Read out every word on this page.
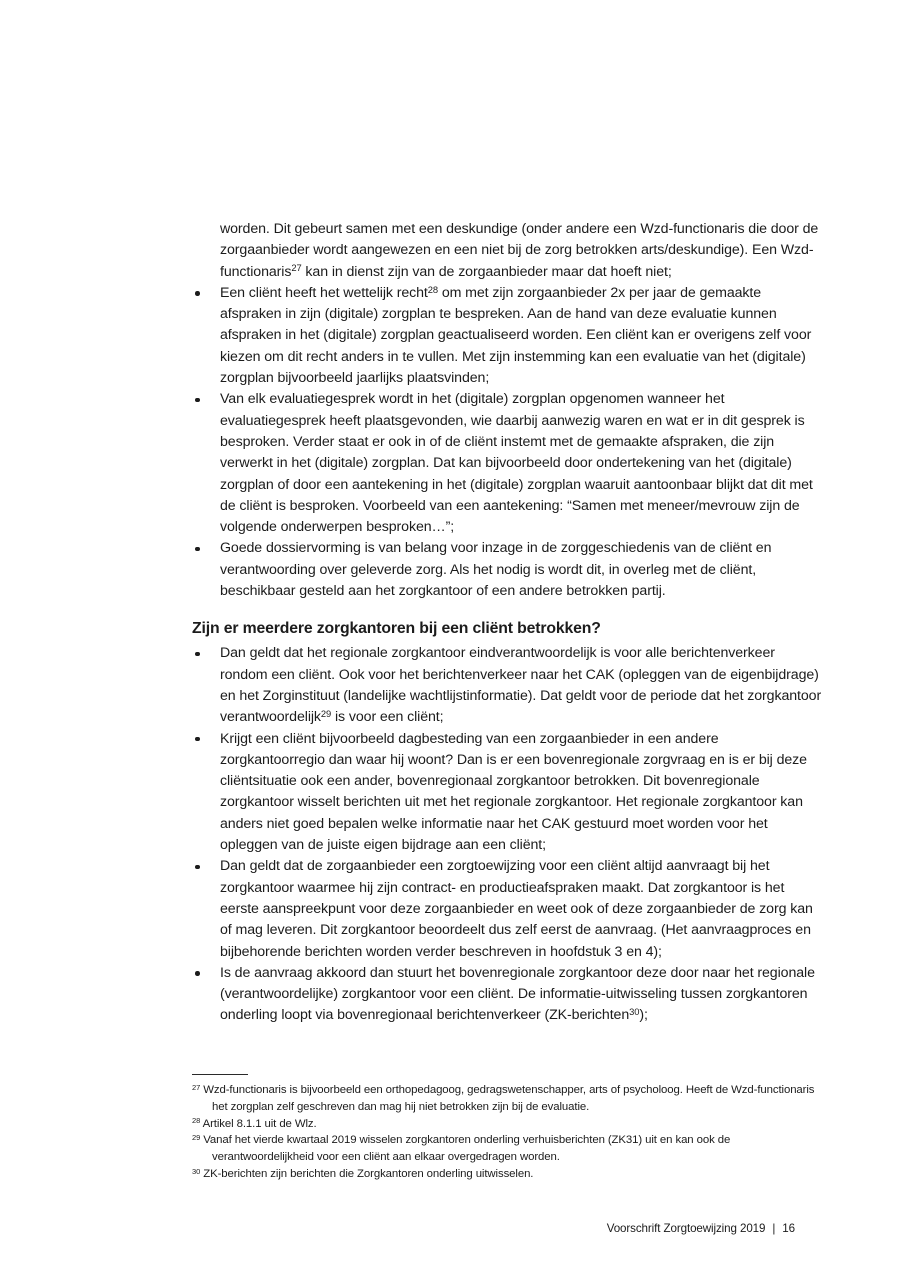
worden. Dit gebeurt samen met een deskundige (onder andere een Wzd-functionaris die door de zorgaanbieder wordt aangewezen en een niet bij de zorg betrokken arts/deskundige). Een Wzd-functionaris$^{27}$ kan in dienst zijn van de zorgaanbieder maar dat hoeft niet;
Een cliënt heeft het wettelijk recht$^{28}$ om met zijn zorgaanbieder 2x per jaar de gemaakte afspraken in zijn (digitale) zorgplan te bespreken. Aan de hand van deze evaluatie kunnen afspraken in het (digitale) zorgplan geactualiseerd worden. Een cliënt kan er overigens zelf voor kiezen om dit recht anders in te vullen. Met zijn instemming kan een evaluatie van het (digitale) zorgplan bijvoorbeeld jaarlijks plaatsvinden;
Van elk evaluatiegesprek wordt in het (digitale) zorgplan opgenomen wanneer het evaluatiegesprek heeft plaatsgevonden, wie daarbij aanwezig waren en wat er in dit gesprek is besproken. Verder staat er ook in of de cliënt instemt met de gemaakte afspraken, die zijn verwerkt in het (digitale) zorgplan. Dat kan bijvoorbeeld door ondertekening van het (digitale) zorgplan of door een aantekening in het (digitale) zorgplan waaruit aantoonbaar blijkt dat dit met de cliënt is besproken. Voorbeeld van een aantekening: “Samen met meneer/mevrouw zijn de volgende onderwerpen besproken…”;
Goede dossiervorming is van belang voor inzage in de zorggeschiedenis van de cliënt en verantwoording over geleverde zorg. Als het nodig is wordt dit, in overleg met de cliënt, beschikbaar gesteld aan het zorgkantoor of een andere betrokken partij.
Zijn er meerdere zorgkantoren bij een cliënt betrokken?
Dan geldt dat het regionale zorgkantoor eindverantwoordelijk is voor alle berichtenverkeer rondom een cliënt. Ook voor het berichtenverkeer naar het CAK (opleggen van de eigenbijdrage) en het Zorginstituut (landelijke wachtlijstinformatie). Dat geldt voor de periode dat het zorgkantoor verantwoordelijk$^{29}$ is voor een cliënt;
Krijgt een cliënt bijvoorbeeld dagbesteding van een zorgaanbieder in een andere zorgkantoorregio dan waar hij woont? Dan is er een bovenregionale zorgvraag en is er bij deze cliëntsituatie ook een ander, bovenregionaal zorgkantoor betrokken. Dit bovenregionale zorgkantoor wisselt berichten uit met het regionale zorgkantoor. Het regionale zorgkantoor kan anders niet goed bepalen welke informatie naar het CAK gestuurd moet worden voor het opleggen van de juiste eigen bijdrage aan een cliënt;
Dan geldt dat de zorgaanbieder een zorgtoewijzing voor een cliënt altijd aanvraagt bij het zorgkantoor waarmee hij zijn contract- en productieafspraken maakt. Dat zorgkantoor is het eerste aanspreekpunt voor deze zorgaanbieder en weet ook of deze zorgaanbieder de zorg kan of mag leveren. Dit zorgkantoor beoordeelt dus zelf eerst de aanvraag. (Het aanvraagproces en bijbehorende berichten worden verder beschreven in hoofdstuk 3 en 4);
Is de aanvraag akkoord dan stuurt het bovenregionale zorgkantoor deze door naar het regionale (verantwoordelijke) zorgkantoor voor een cliënt. De informatie-uitwisseling tussen zorgkantoren onderling loopt via bovenregionaal berichtenverkeer (ZK-berichten$^{30}$);
$^{27}$ Wzd-functionaris is bijvoorbeeld een orthopedagoog, gedragswetenschapper, arts of psycholoog. Heeft de Wzd-functionaris het zorgplan zelf geschreven dan mag hij niet betrokken zijn bij de evaluatie.
$^{28}$ Artikel 8.1.1 uit de Wlz.
$^{29}$ Vanaf het vierde kwartaal 2019 wisselen zorgkantoren onderling verhuisberichten (ZK31) uit en kan ook de verantwoordelijkheid voor een cliënt aan elkaar overgedragen worden.
$^{30}$ ZK-berichten zijn berichten die Zorgkantoren onderling uitwisselen.
Voorschrift Zorgtoewijzing 2019 | 16
